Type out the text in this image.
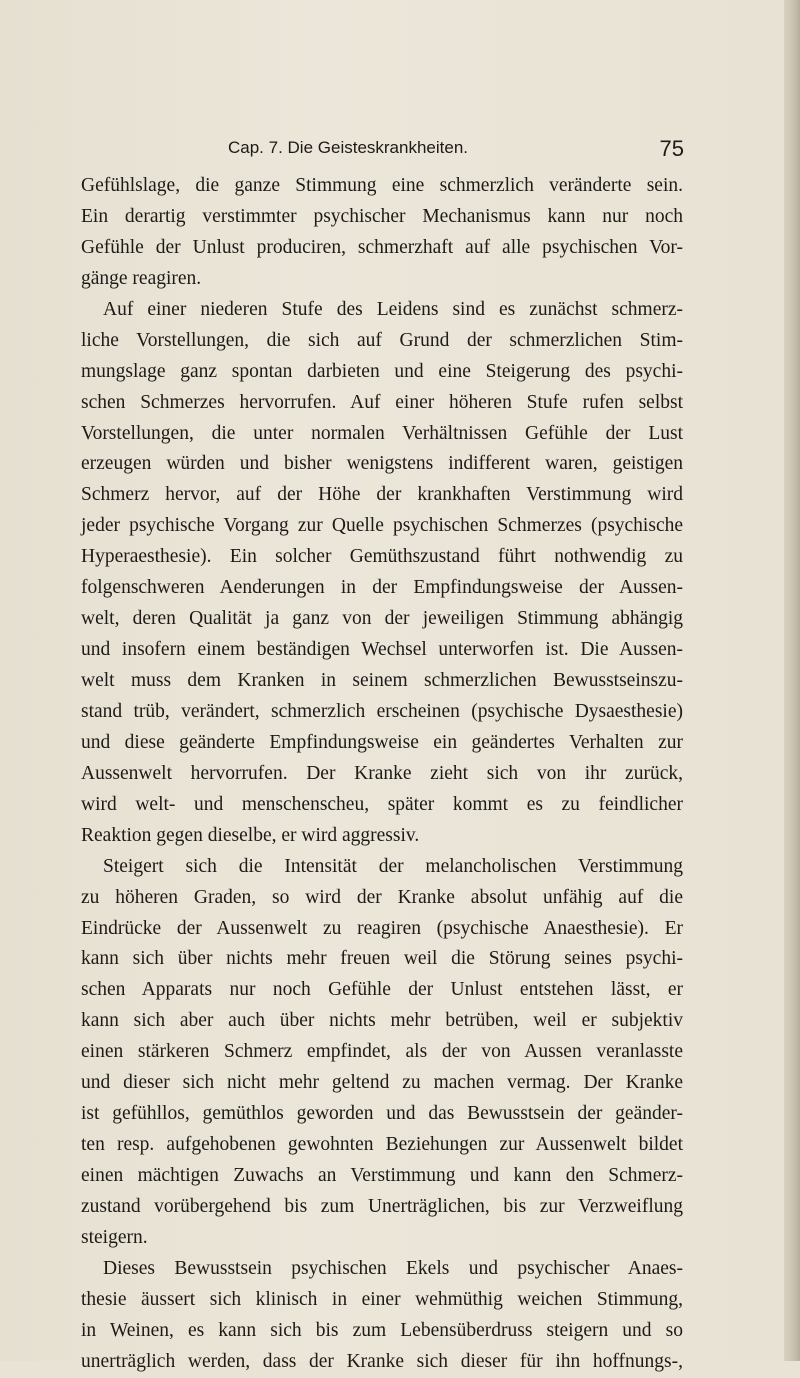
Cap. 7. Die Geisteskrankheiten.	75
Gefühlslage, die ganze Stimmung eine schmerzlich veränderte sein.
Ein derartig verstimmter psychischer Mechanismus kann nur noch
Gefühle der Unlust produciren, schmerzhaft auf alle psychischen Vor-
gänge reagiren.
Auf einer niederen Stufe des Leidens sind es zunächst schmerz-
liche Vorstellungen, die sich auf Grund der schmerzlichen Stim-
mungslage ganz spontan darbieten und eine Steigerung des psychi-
schen Schmerzes hervorrufen. Auf einer höheren Stufe rufen selbst
Vorstellungen, die unter normalen Verhältnissen Gefühle der Lust
erzeugen würden und bisher wenigstens indifferent waren, geistigen
Schmerz hervor, auf der Höhe der krankhaften Verstimmung wird
jeder psychische Vorgang zur Quelle psychischen Schmerzes (psychische
Hyperaesthesie). Ein solcher Gemüthszustand führt nothwendig zu
folgenschweren Aenderungen in der Empfindungsweise der Aussen-
welt, deren Qualität ja ganz von der jeweiligen Stimmung abhängig
und insofern einem beständigen Wechsel unterworfen ist. Die Aussen-
welt muss dem Kranken in seinem schmerzlichen Bewusstseinszu-
stand trüb, verändert, schmerzlich erscheinen (psychische Dysaesthesie)
und diese geänderte Empfindungsweise ein geändertes Verhalten zur
Aussenwelt hervorrufen. Der Kranke zieht sich von ihr zurück,
wird welt- und menschenscheu, später kommt es zu feindlicher
Reaktion gegen dieselbe, er wird aggressiv.
Steigert sich die Intensität der melancholischen Verstimmung
zu höheren Graden, so wird der Kranke absolut unfähig auf die
Eindrücke der Aussenwelt zu reagiren (psychische Anaesthesie). Er
kann sich über nichts mehr freuen weil die Störung seines psychi-
schen Apparats nur noch Gefühle der Unlust entstehen lässt, er
kann sich aber auch über nichts mehr betrüben, weil er subjektiv
einen stärkeren Schmerz empfindet, als der von Aussen veranlasste
und dieser sich nicht mehr geltend zu machen vermag. Der Kranke
ist gefühllos, gemüthlos geworden und das Bewusstsein der geänder-
ten resp. aufgehobenen gewohnten Beziehungen zur Aussenwelt bildet
einen mächtigen Zuwachs an Verstimmung und kann den Schmerz-
zustand vorübergehend bis zum Unerträglichen, bis zur Verzweiflung
steigern.
Dieses Bewusstsein psychischen Ekels und psychischer Anaes-
thesie äussert sich klinisch in einer wehmüthig weichen Stimmung,
in Weinen, es kann sich bis zum Lebensüberdruss steigern und so
unerträglich werden, dass der Kranke sich dieser für ihn hoffnungs-,
